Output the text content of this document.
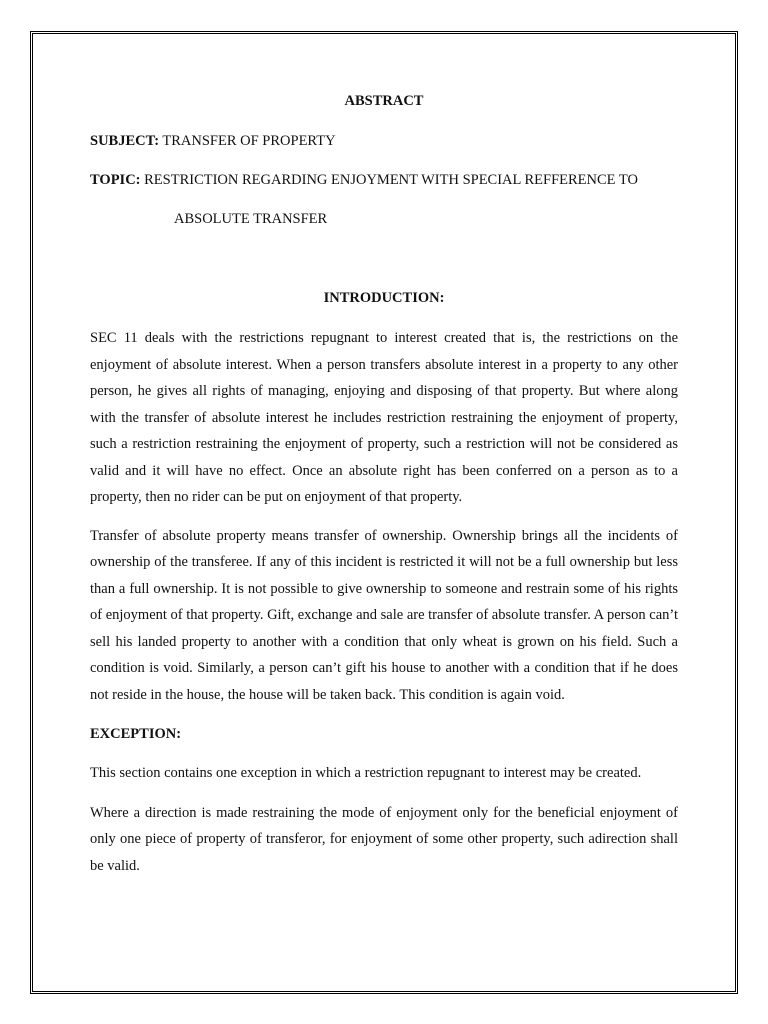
ABSTRACT

SUBJECT: TRANSFER OF PROPERTY

TOPIC: RESTRICTION REGARDING ENJOYMENT WITH SPECIAL REFFERENCE TO

ABSOLUTE TRANSFER

INTRODUCTION:

SEC 11 deals with the restrictions repugnant to interest created that is, the restrictions on the enjoyment of absolute interest. When a person transfers absolute interest in a property to any other person, he gives all rights of managing, enjoying and disposing of that property. But where along with the transfer of absolute interest he includes restriction restraining the enjoyment of property, such a restriction restraining the enjoyment of property, such a restriction will not be considered as valid and it will have no effect. Once an absolute right has been conferred on a person as to a property, then no rider can be put on enjoyment of that property.

Transfer of absolute property means transfer of ownership. Ownership brings all the incidents of ownership of the transferee. If any of this incident is restricted it will not be a full ownership but less than a full ownership. It is not possible to give ownership to someone and restrain some of his rights of enjoyment of that property. Gift, exchange and sale are transfer of absolute transfer. A person can’t sell his landed property to another with a condition that only wheat is grown on his field. Such a condition is void. Similarly, a person can’t gift his house to another with a condition that if he does not reside in the house, the house will be taken back. This condition is again void.

EXCEPTION:

This section contains one exception in which a restriction repugnant to interest may be created.

Where a direction is made restraining the mode of enjoyment only for the beneficial enjoyment of only one piece of property of transferor, for enjoyment of some other property, such adirection shall be valid.
